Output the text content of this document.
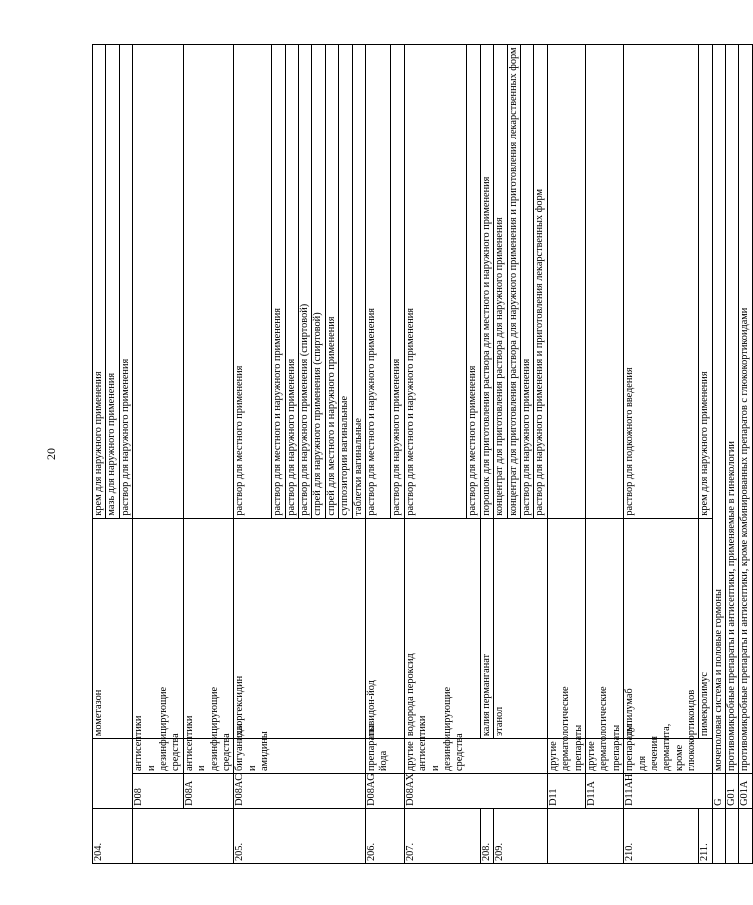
20
204.			мометазон	крем для наружного применения
				мазь для наружного применения
				раствор для наружного применения
	D08	антисептики и дезинфицирующие средства		
	D08A	антисептики и дезинфицирующие средства		
205.	D08AC	бигуаниды и амидины	хлоргексидин	раствор для местного применения
				раствор для местного и наружного применения
				раствор для наружного применения
				раствор для наружного применения (спиртовой)
				спрей для наружного применения (спиртовой)
				спрей для местного и наружного применения
				суппозитории вагинальные
				таблетки вагинальные
206.	D08AG	препараты йода	повидон-йод	раствор для местного и наружного применения
				раствор для наружного применения
207.	D08AX	другие антисептики и дезинфицирующие средства	водорода пероксид	раствор для местного и наружного применения
				раствор для местного применения
208.			калия перманганат	порошок для приготовления раствора для местного и наружного применения
209.			этанол	концентрат для приготовления раствора для наружного применения
				концентрат для приготовления раствора для наружного применения и приготовления лекарственных форм
				раствор для наружного применения
				раствор для наружного применения и приготовления лекарственных форм
	D11	другие дерматологические препараты		
	D11A	другие дерматологические препараты		
210.	D11AH	препараты для лечения дерматита, кроме глюкокортикоидов	дупилумаб	раствор для подкожного введения
211.			пимекролимус	крем для наружного применения
	G	мочеполовая система и половые гормоны		
	G01	противомикробные препараты и антисептики, применяемые в гинекологии		
	G01A	противомикробные препараты и антисептики, кроме комбинированных препаратов с глюкокортикоидами		
